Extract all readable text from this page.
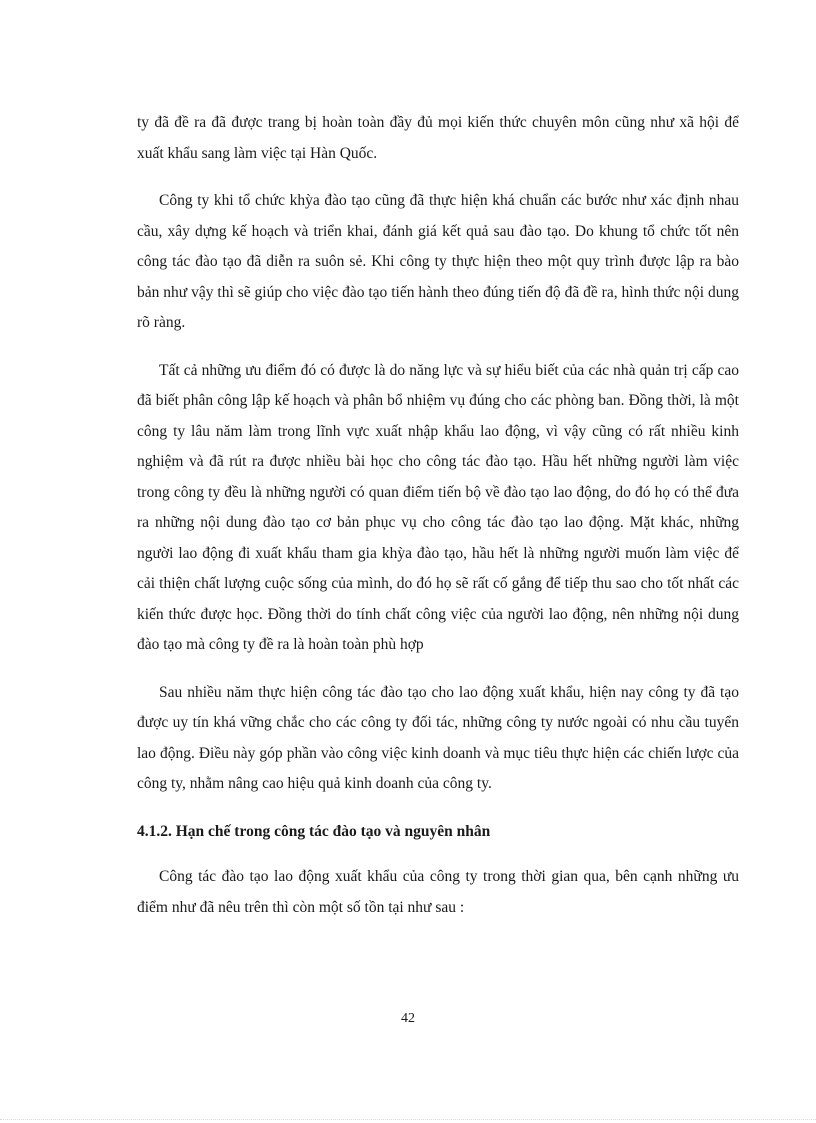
ty đã đề ra đã được trang bị hoàn toàn đầy đủ mọi kiến thức chuyên môn cũng như xã hội để xuất khẩu sang làm việc tại Hàn Quốc.

Công ty khi tổ chức khỳa đào tạo cũng đã thực hiện khá chuẩn các bước như xác định nhau cầu, xây dựng kế hoạch và triển khai, đánh giá kết quả sau đào tạo. Do khung tổ chức tốt nên công tác đào tạo đã diễn ra suôn sẻ. Khi công ty thực hiện theo một quy trình được lập ra bào bản như vậy thì sẽ giúp cho việc đào tạo tiến hành theo đúng tiến độ đã đề ra, hình thức nội dung rõ ràng.

Tất cả những ưu điểm đó có được là do năng lực và sự hiểu biết của các nhà quản trị cấp cao đã biết phân công lập kế hoạch và phân bổ nhiệm vụ đúng cho các phòng ban. Đồng thời, là một công ty lâu năm làm trong lĩnh vực xuất nhập khẩu lao động, vì vậy cũng có rất nhiều kinh nghiệm và đã rút ra được nhiều bài học cho công tác đào tạo. Hầu hết những người làm việc trong công ty đều là những người có quan điểm tiến bộ về đào tạo lao động, do đó họ có thể đưa ra những nội dung đào tạo cơ bản phục vụ cho công tác đào tạo lao động. Mặt khác, những người lao động đi xuất khẩu tham gia khỳa đào tạo, hầu hết là những người muốn làm việc để cải thiện chất lượng cuộc sống của mình, do đó họ sẽ rất cố gắng để tiếp thu sao cho tốt nhất các kiến thức được học. Đồng thời do tính chất công việc của người lao động, nên những nội dung đào tạo mà công ty đề ra là hoàn toàn phù hợp

Sau nhiều năm thực hiện công tác đào tạo cho lao động xuất khẩu, hiện nay công ty đã tạo được uy tín khá vững chắc cho các công ty đối tác, những công ty nước ngoài có nhu cầu tuyển lao động. Điều này góp phần vào công việc kinh doanh và mục tiêu thực hiện các chiến lược của công ty, nhằm nâng cao hiệu quả kinh doanh của công ty.

4.1.2. Hạn chế trong công tác đào tạo và nguyên nhân

Công tác đào tạo lao động xuất khẩu của công ty trong thời gian qua, bên cạnh những ưu điểm như đã nêu trên thì còn một số tồn tại như sau :

42
